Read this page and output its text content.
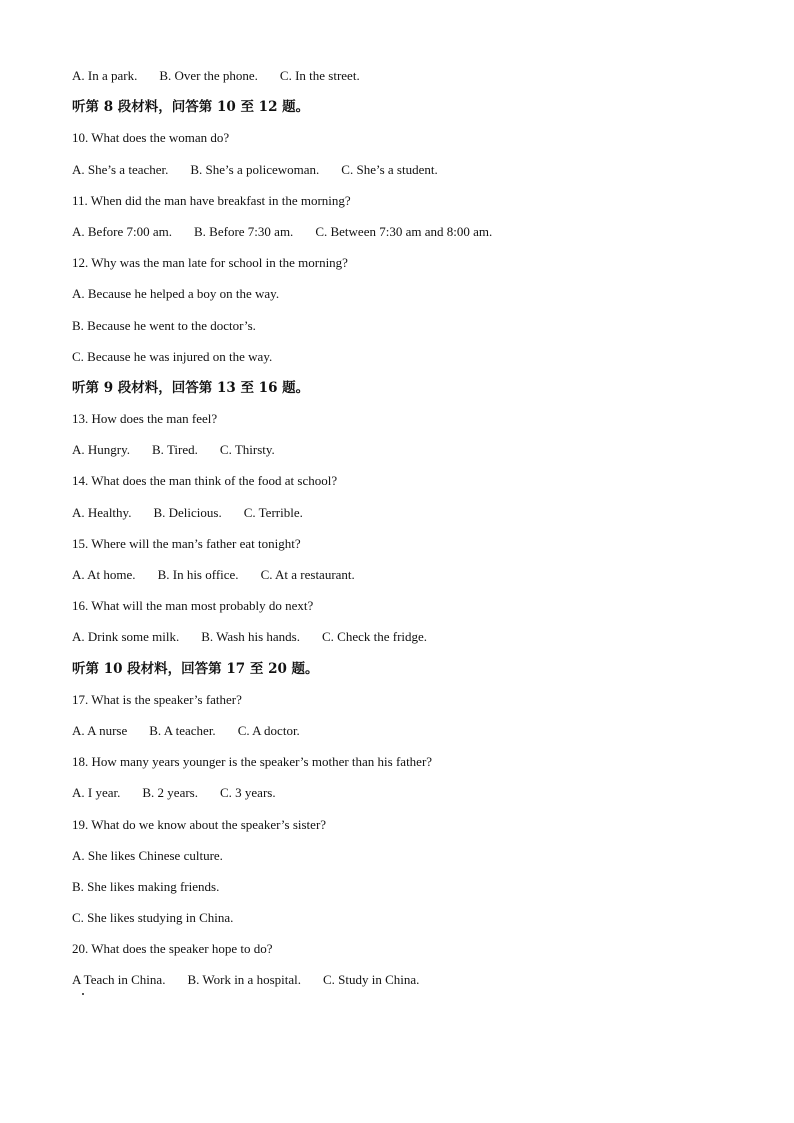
A. In a park. B. Over the phone. C. In the street.
听第 8 段材料，问答第 10 至 12 题。
10. What does the woman do?
A. She’s a teacher. B. She’s a policewoman. C. She’s a student.
11. When did the man have breakfast in the morning?
A. Before 7:00 am. B. Before 7:30 am. C. Between 7:30 am and 8:00 am.
12. Why was the man late for school in the morning?
A. Because he helped a boy on the way.
B. Because he went to the doctor’s.
C. Because he was injured on the way.
听第 9 段材料，回答第 13 至 16 题。
13. How does the man feel?
A. Hungry. B. Tired. C. Thirsty.
14. What does the man think of the food at school?
A. Healthy. B. Delicious. C. Terrible.
15. Where will the man’s father eat tonight?
A. At home. B. In his office. C. At a restaurant.
16. What will the man most probably do next?
A. Drink some milk. B. Wash his hands. C. Check the fridge.
听第 10 段材料，回答第 17 至 20 题。
17. What is the speaker’s father?
A. A nurse B. A teacher. C. A doctor.
18. How many years younger is the speaker’s mother than his father?
A. I year. B. 2 years. C. 3 years.
19. What do we know about the speaker’s sister?
A. She likes Chinese culture.
B. She likes making friends.
C. She likes studying in China.
20. What does the speaker hope to do?
A Teach in China. B. Work in a hospital. C. Study in China.
